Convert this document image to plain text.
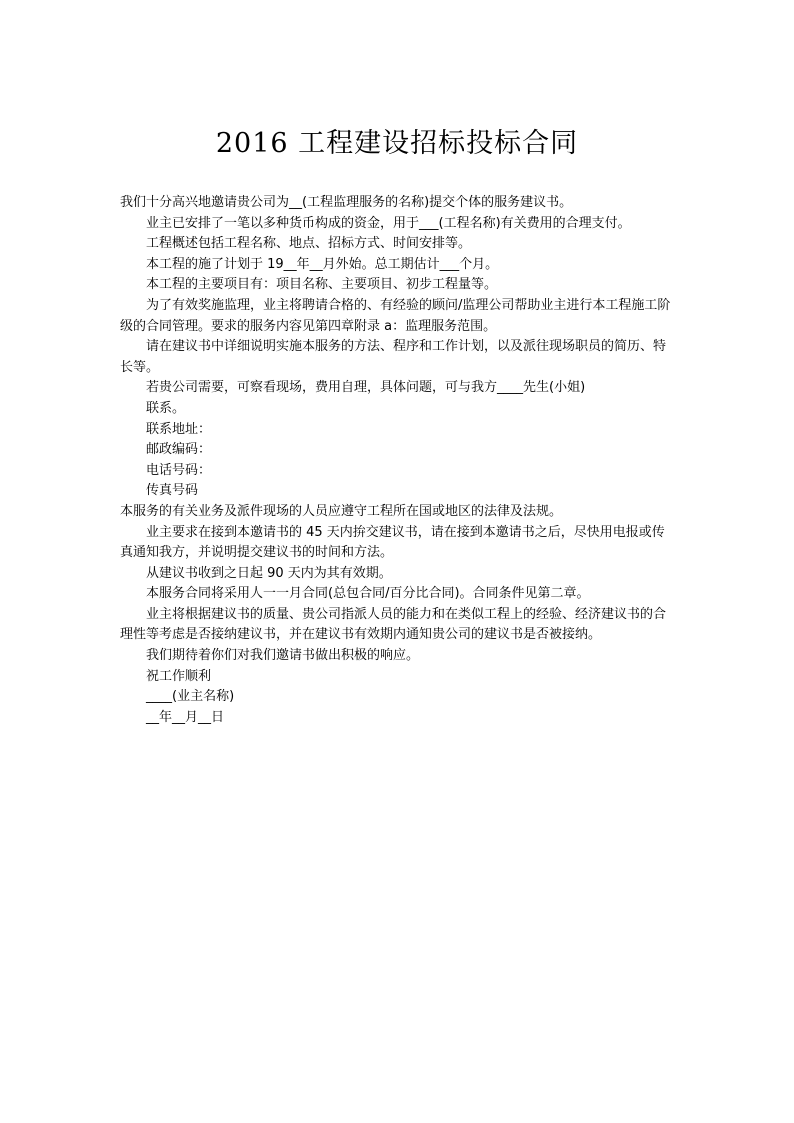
2016 工程建设招标投标合同

我们十分高兴地邀请贵公司为__(工程监理服务的名称)提交个体的服务建议书。

业主已安排了一笔以多种货币构成的资金，用于___(工程名称)有关费用的合理支付。

工程概述包括工程名称、地点、招标方式、时间安排等。

本工程的施了计划于 19__年__月外始。总工期估计___个月。

本工程的主要项目有：项目名称、主要项目、初步工程量等。

为了有效奖施监理，业主将聘请合格的、有经验的顾问/监理公司帮助业主进行本工程施工阶级的合同管理。要求的服务内容见第四章附录 a：监理服务范围。

请在建议书中详细说明实施本服务的方法、程序和工作计划，以及派往现场职员的简历、特长等。

若贵公司需要，可察看现场，费用自理，具体问题，可与我方____先生(小姐)

联系。

联系地址：

邮政编码：

电话号码：

传真号码

本服务的有关业务及派件现场的人员应遵守工程所在国或地区的法律及法规。

业主要求在接到本邀请书的 45 天内拚交建议书，请在接到本邀请书之后，尽快用电报或传真通知我方，并说明提交建议书的时间和方法。

从建议书收到之日起 90 天内为其有效期。

本服务合同将采用人一一月合同(总包合同/百分比合同)。合同条件见第二章。

业主将根据建议书的质量、贵公司指派人员的能力和在类似工程上的经验、经济建议书的合理性等考虑是否接纳建议书，并在建议书有效期内通知贵公司的建议书是否被接纳。

我们期待着你们对我们邀请书做出积极的响应。

祝工作顺利

____(业主名称)

__年__月__日
